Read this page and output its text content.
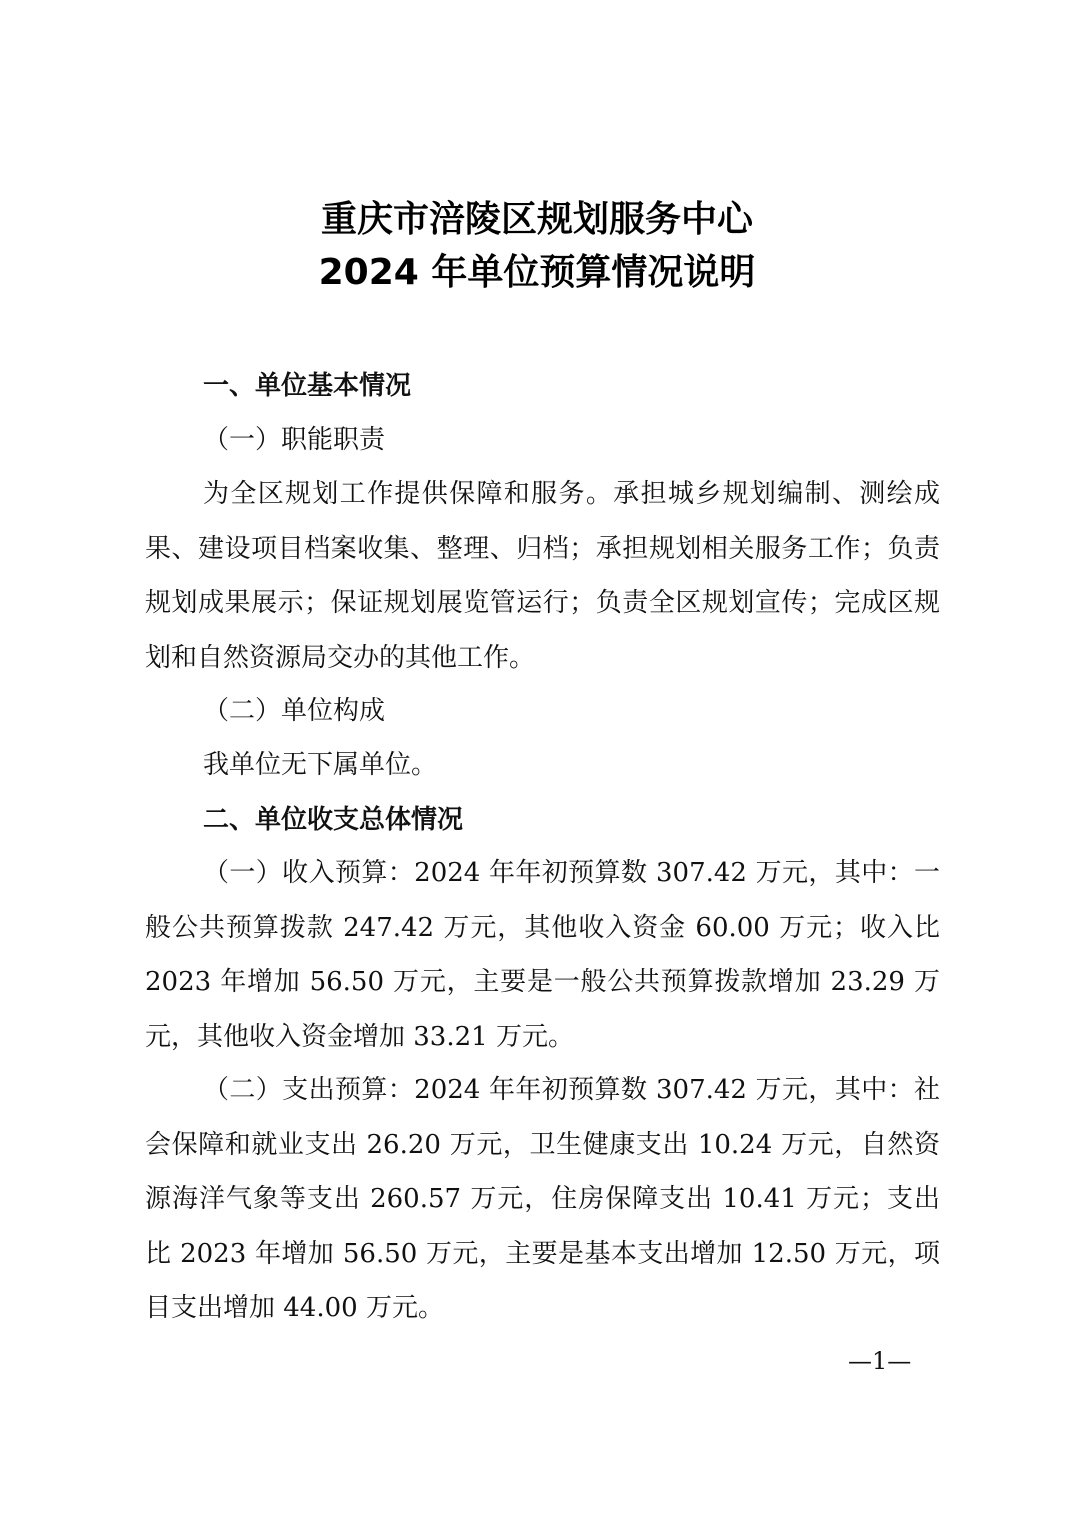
重庆市涪陵区规划服务中心
2024 年单位预算情况说明
一、单位基本情况
（一）职能职责
为全区规划工作提供保障和服务。承担城乡规划编制、测绘成果、建设项目档案收集、整理、归档；承担规划相关服务工作；负责规划成果展示；保证规划展览管运行；负责全区规划宣传；完成区规划和自然资源局交办的其他工作。
（二）单位构成
我单位无下属单位。
二、单位收支总体情况
（一）收入预算：2024 年年初预算数 307.42 万元，其中：一般公共预算拨款 247.42 万元，其他收入资金 60.00 万元；收入比 2023 年增加 56.50 万元，主要是一般公共预算拨款增加 23.29 万元，其他收入资金增加 33.21 万元。
（二）支出预算：2024 年年初预算数 307.42 万元，其中：社会保障和就业支出 26.20 万元，卫生健康支出 10.24 万元，自然资源海洋气象等支出 260.57 万元，住房保障支出 10.41 万元；支出比 2023 年增加 56.50 万元，主要是基本支出增加 12.50 万元，项目支出增加 44.00 万元。
—1—
